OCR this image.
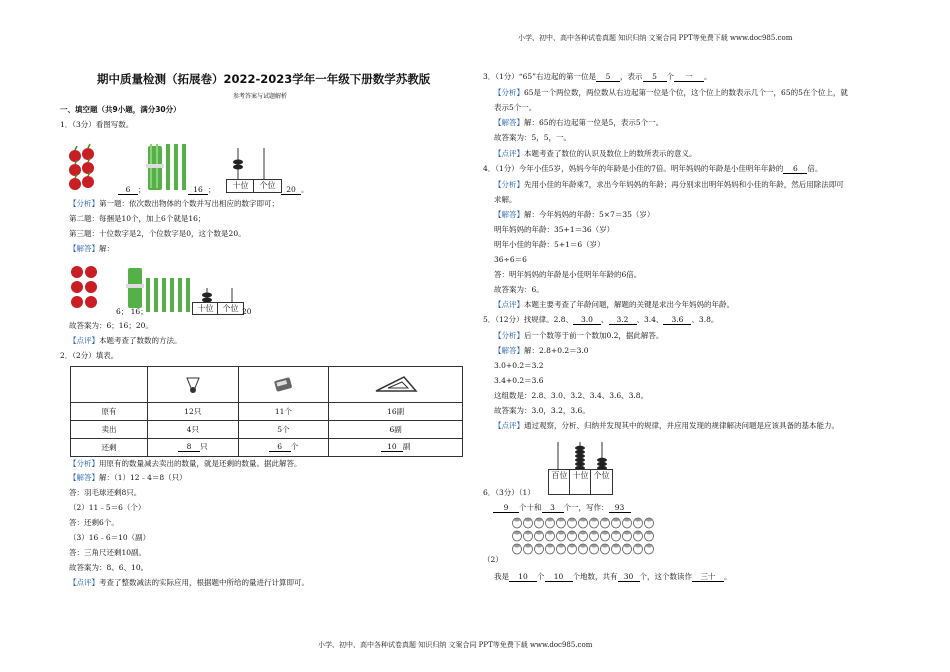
小学、初中、高中各种试卷真题 知识归纳 文案合同 PPT等免费下载 www.doc985.com
小学、初中、高中各种试卷真题 知识归纳 文案合同 PPT等免费下载 www.doc985.com
期中质量检测（拓展卷）2022-2023学年一年级下册数学苏教版
参考答案与试题解析
一、填空题（共9小题，满分30分）
1．（3分）看图写数。
十位	个位
6 ；	16 ；	20 。
【分析】第一题：依次数出物体的个数并写出相应的数字即可；
第二题：每捆是10个，加上6个就是16；
第三题：十位数字是2，个位数字是0，这个数是20。
【解答】解：
十位	个位
6； 16；	20
故答案为：6；16；20。
【点评】本题考查了数数的方法。
2．（2分）填表。

原有	12只	11个	16副
卖出	4只	5个	6副
还剩	8 只	6 个	10 副
【分析】用原有的数量减去卖出的数量，就是还剩的数量。据此解答。
【解答】解：（1）12﹣4＝8（只）
答：羽毛球还剩8只。
（2）11﹣5＝6（个）
答：还剩6个。
（3）16﹣6＝10（副）
答：三角尺还剩10副。
故答案为：8、6、10。
【点评】考查了整数减法的实际应用，根据题中所给的量进行计算即可。
3．（1分）“65”右边起的第一位是 5 ，表示 5 个 一 。
【分析】65是一个两位数，两位数从右边起第一位是个位，这个位上的数表示几个一，65的5在个位上，就
表示5个一。
【解答】解：65的右边起第一位是5，表示5个一。
故答案为：5，5，一。
【点评】本题考查了数位的认识及数位上的数所表示的意义。
4．（1分）今年小佳5岁，妈妈今年的年龄是小佳的7倍。明年妈妈的年龄是小佳明年年龄的 6 倍。
【分析】先用小佳的年龄乘7，求出今年妈妈的年龄；再分别求出明年妈妈和小佳的年龄，然后用除法即可
求解。
【解答】解：今年妈妈的年龄：5×7＝35（岁）
明年妈妈的年龄：35+1＝36（岁）
明年小佳的年龄：5+1＝6（岁）
36÷6＝6
答：明年妈妈的年龄是小佳明年年龄的6倍。
故答案为：6。
【点评】本题主要考查了年龄问题，解题的关键是求出今年妈妈的年龄。
5．（12分）找规律。2.8、 3.0 、 3.2 、3.4、 3.6 、3.8。
【分析】后一个数等于前一个数加0.2，据此解答。
【解答】解：2.8+0.2＝3.0
3.0+0.2＝3.2
3.4+0.2＝3.6
这组数是：2.8、3.0、3.2、3.4、3.6、3.8。
故答案为：3.0，3.2，3.6。
【点评】通过观察，分析、归纳并发现其中的规律，并应用发现的规律解决问题是应该具备的基本能力。
百位 十位 个位
6．（3分）（1）
9 个十和 3 个一，写作： 93
（2）
我是 10 个 10 个地数，共有 30 个，这个数读作 三十 。
